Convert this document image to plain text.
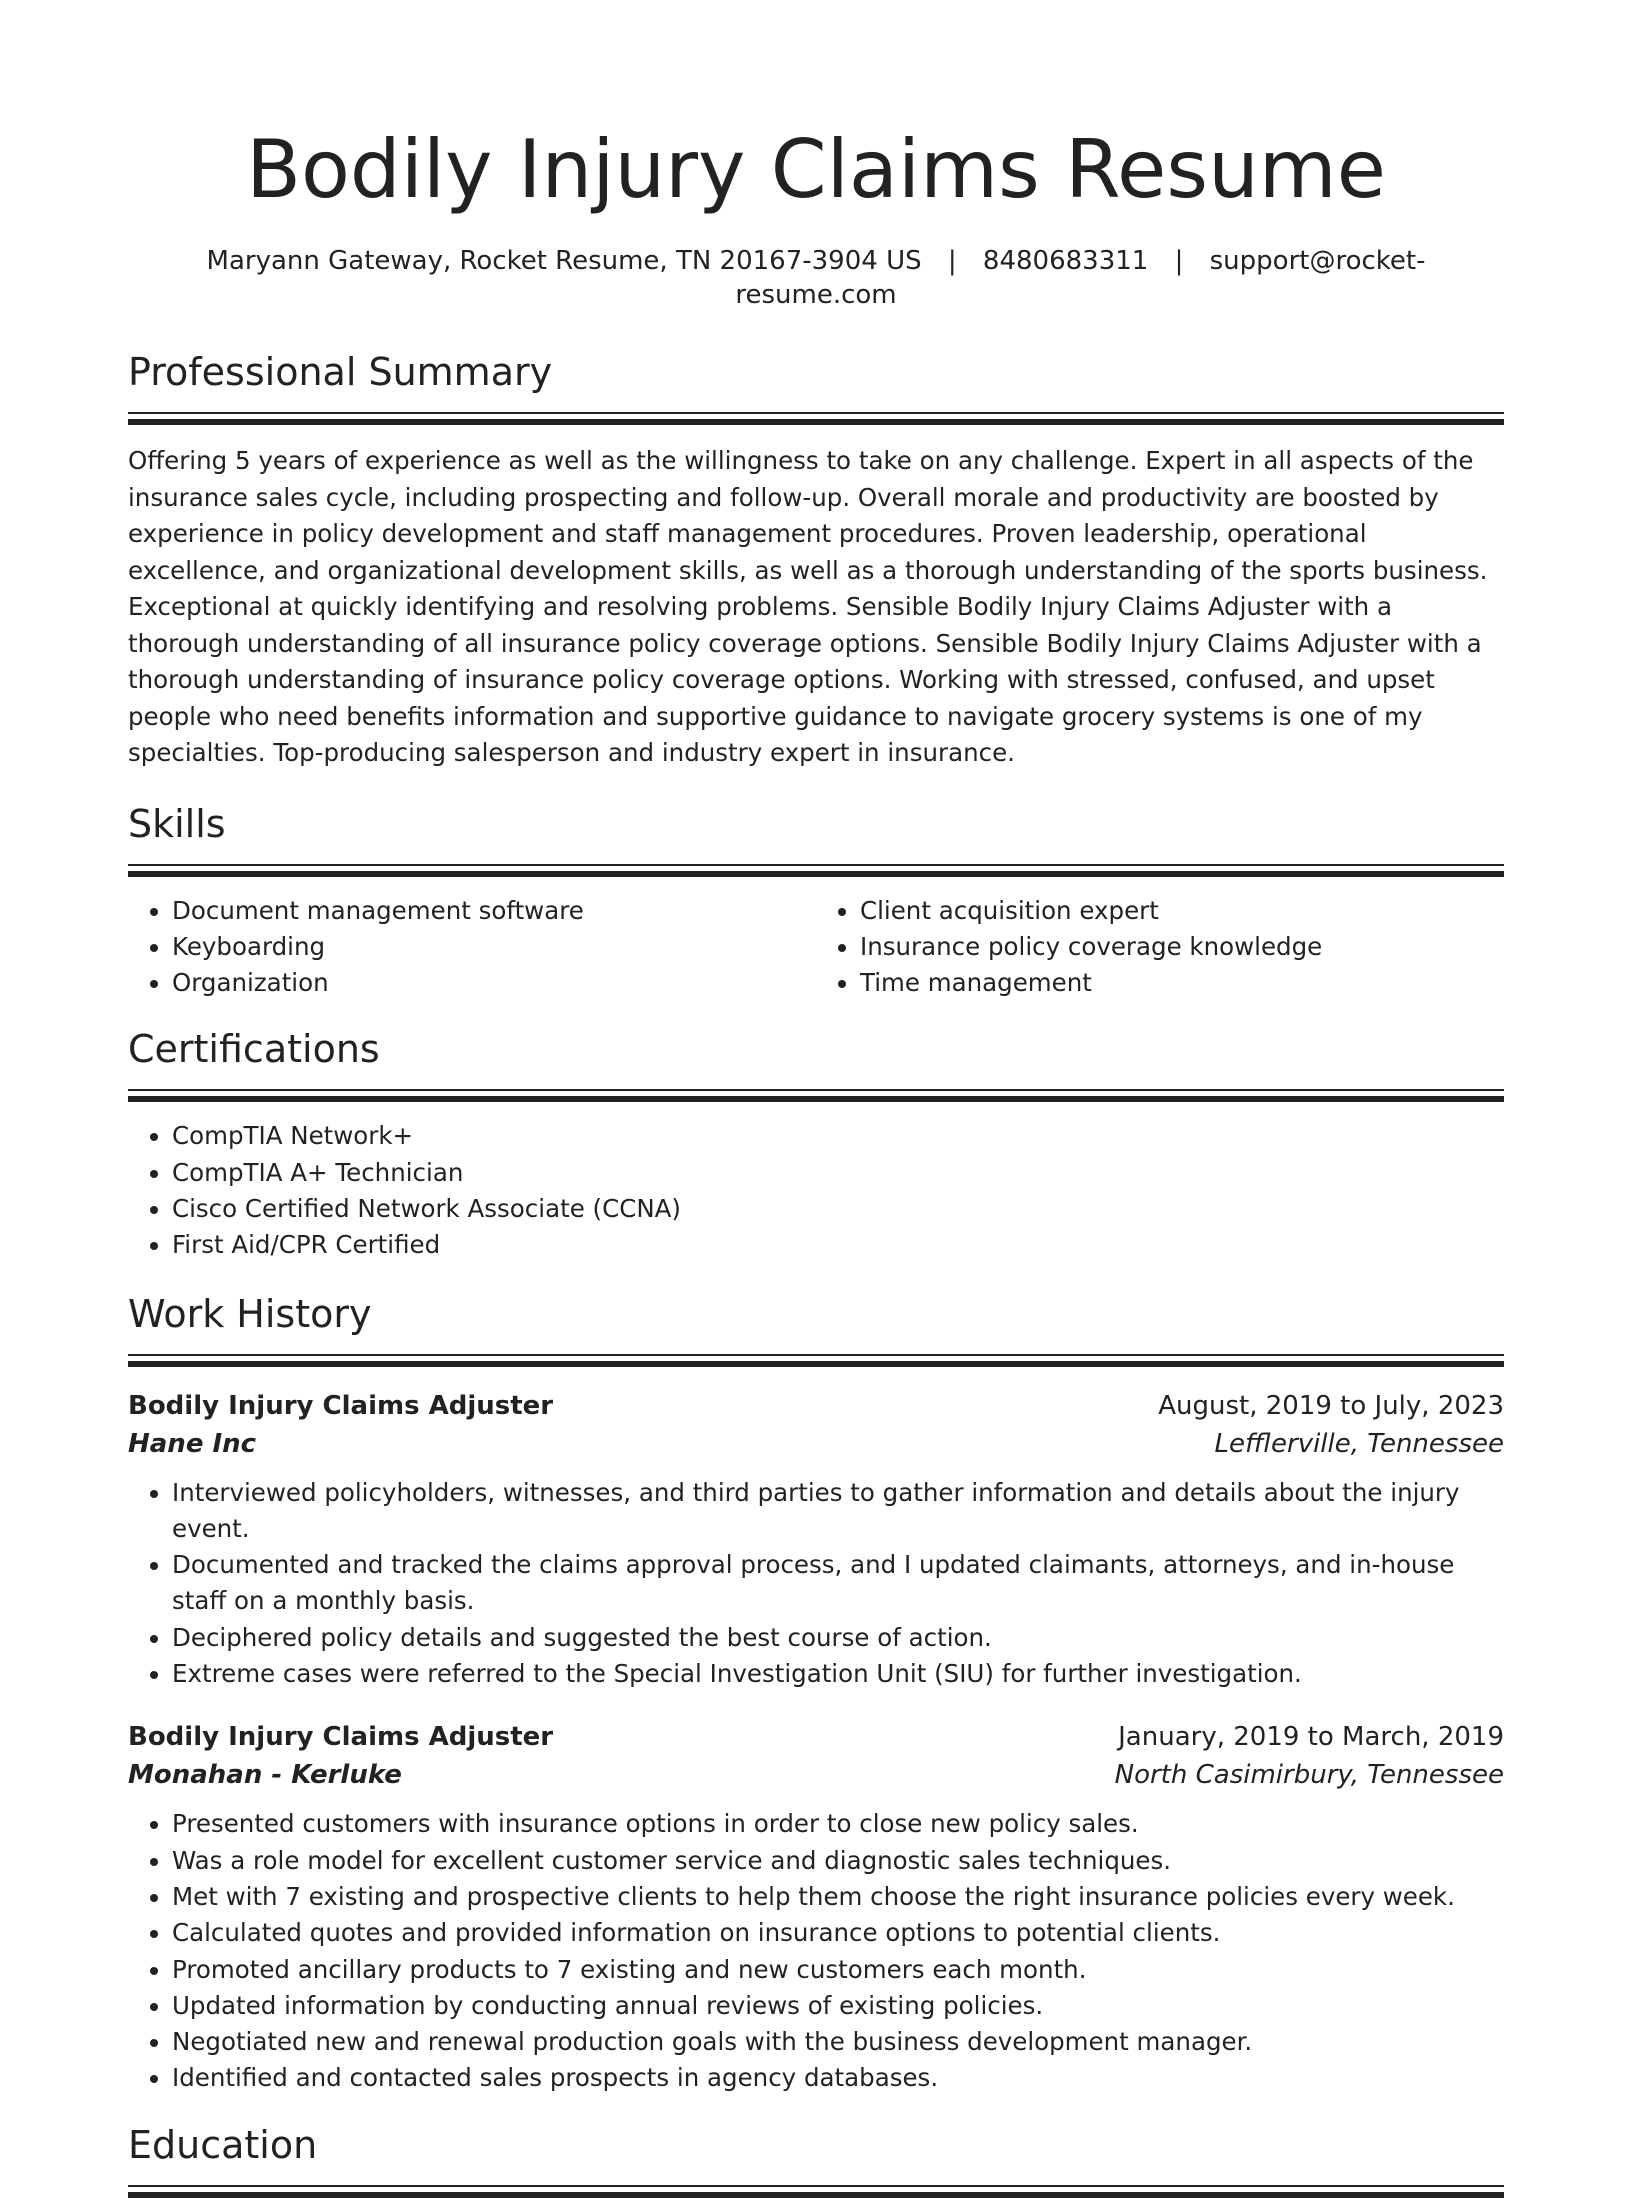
Bodily Injury Claims Resume
Maryann Gateway, Rocket Resume, TN 20167-3904 US | 8480683311 | support@rocket-resume.com
Professional Summary

Offering 5 years of experience as well as the willingness to take on any challenge. Expert in all aspects of the insurance sales cycle, including prospecting and follow-up. Overall morale and productivity are boosted by experience in policy development and staff management procedures. Proven leadership, operational excellence, and organizational development skills, as well as a thorough understanding of the sports business. Exceptional at quickly identifying and resolving problems. Sensible Bodily Injury Claims Adjuster with a thorough understanding of all insurance policy coverage options. Sensible Bodily Injury Claims Adjuster with a thorough understanding of insurance policy coverage options. Working with stressed, confused, and upset people who need benefits information and supportive guidance to navigate grocery systems is one of my specialties. Top-producing salesperson and industry expert in insurance.

Skills
• Document management software
• Keyboarding
• Organization
• Client acquisition expert
• Insurance policy coverage knowledge
• Time management
Certifications
• CompTIA Network+
• CompTIA A+ Technician
• Cisco Certified Network Associate (CCNA)
• First Aid/CPR Certified
Work History
Bodily Injury Claims Adjuster	August, 2019 to July, 2023
Hane Inc	Lefflerville, Tennessee
• Interviewed policyholders, witnesses, and third parties to gather information and details about the injury event.
• Documented and tracked the claims approval process, and I updated claimants, attorneys, and in-house staff on a monthly basis.
• Deciphered policy details and suggested the best course of action.
• Extreme cases were referred to the Special Investigation Unit (SIU) for further investigation.
Bodily Injury Claims Adjuster	January, 2019 to March, 2019
Monahan - Kerluke	North Casimirbury, Tennessee
• Presented customers with insurance options in order to close new policy sales.
• Was a role model for excellent customer service and diagnostic sales techniques.
• Met with 7 existing and prospective clients to help them choose the right insurance policies every week.
• Calculated quotes and provided information on insurance options to potential clients.
• Promoted ancillary products to 7 existing and new customers each month.
• Updated information by conducting annual reviews of existing policies.
• Negotiated new and renewal production goals with the business development manager.
• Identified and contacted sales prospects in agency databases.
Education
